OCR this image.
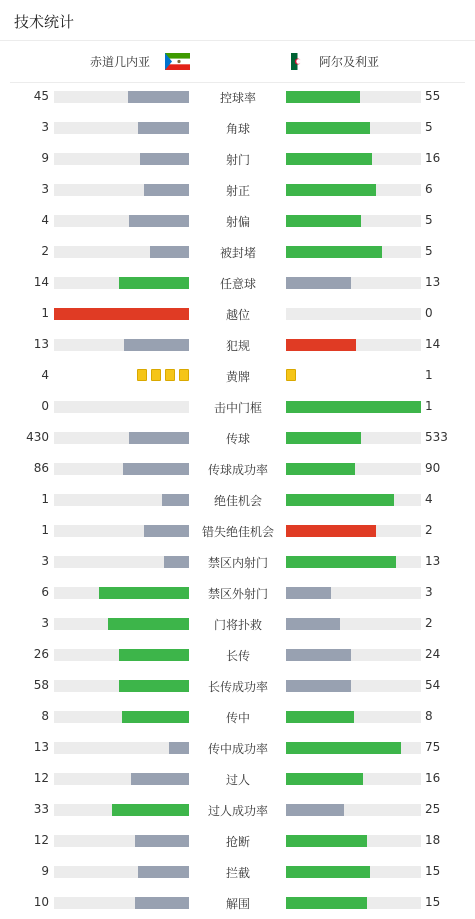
技术统计
赤道几内亚	阿尔及利亚
45	控球率	55
3	角球	5
9	射门	16
3	射正	6
4	射偏	5
2	被封堵	5
14	任意球	13
1	越位	0
13	犯规	14
4	黄牌	1
0	击中门框	1
430	传球	533
86	传球成功率	90
1	绝佳机会	4
1	错失绝佳机会	2
3	禁区内射门	13
6	禁区外射门	3
3	门将扑救	2
26	长传	24
58	长传成功率	54
8	传中	8
13	传中成功率	75
12	过人	16
33	过人成功率	25
12	抢断	18
9	拦截	15
10	解围	15
